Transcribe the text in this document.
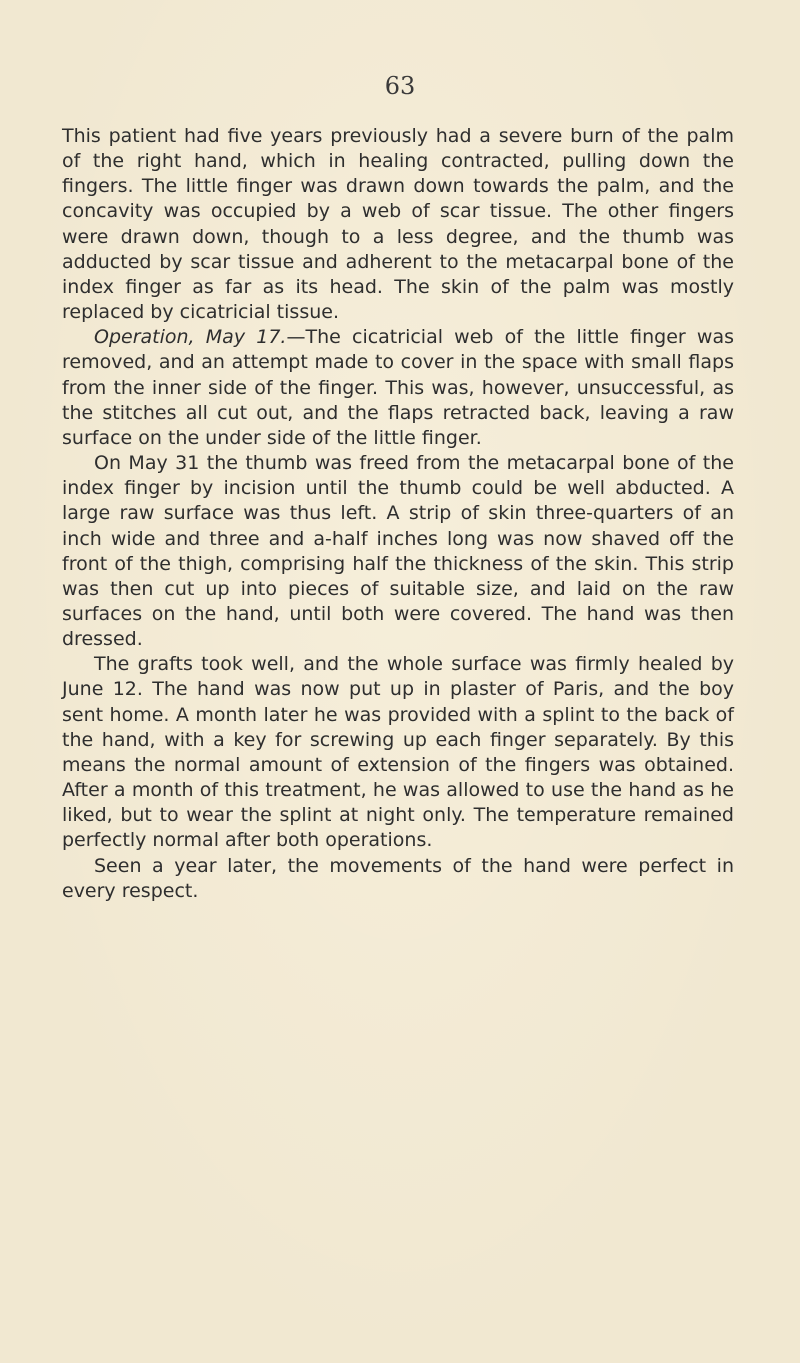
63

This patient had five years previously had a severe burn of the palm of the right hand, which in healing contracted, pulling down the fingers. The little finger was drawn down towards the palm, and the concavity was occupied by a web of scar tissue. The other fingers were drawn down, though to a less degree, and the thumb was adducted by scar tissue and adherent to the metacarpal bone of the index finger as far as its head. The skin of the palm was mostly replaced by cicatricial tissue.

Operation, May 17.—The cicatricial web of the little finger was removed, and an attempt made to cover in the space with small flaps from the inner side of the finger. This was, however, unsuccessful, as the stitches all cut out, and the flaps retracted back, leaving a raw surface on the under side of the little finger.

On May 31 the thumb was freed from the metacarpal bone of the index finger by incision until the thumb could be well abducted. A large raw surface was thus left. A strip of skin three-quarters of an inch wide and three and a-half inches long was now shaved off the front of the thigh, comprising half the thickness of the skin. This strip was then cut up into pieces of suitable size, and laid on the raw surfaces on the hand, until both were covered. The hand was then dressed.

The grafts took well, and the whole surface was firmly healed by June 12. The hand was now put up in plaster of Paris, and the boy sent home. A month later he was provided with a splint to the back of the hand, with a key for screwing up each finger separately. By this means the normal amount of extension of the fingers was obtained. After a month of this treatment, he was allowed to use the hand as he liked, but to wear the splint at night only. The temperature remained perfectly normal after both operations.

Seen a year later, the movements of the hand were perfect in every respect.
